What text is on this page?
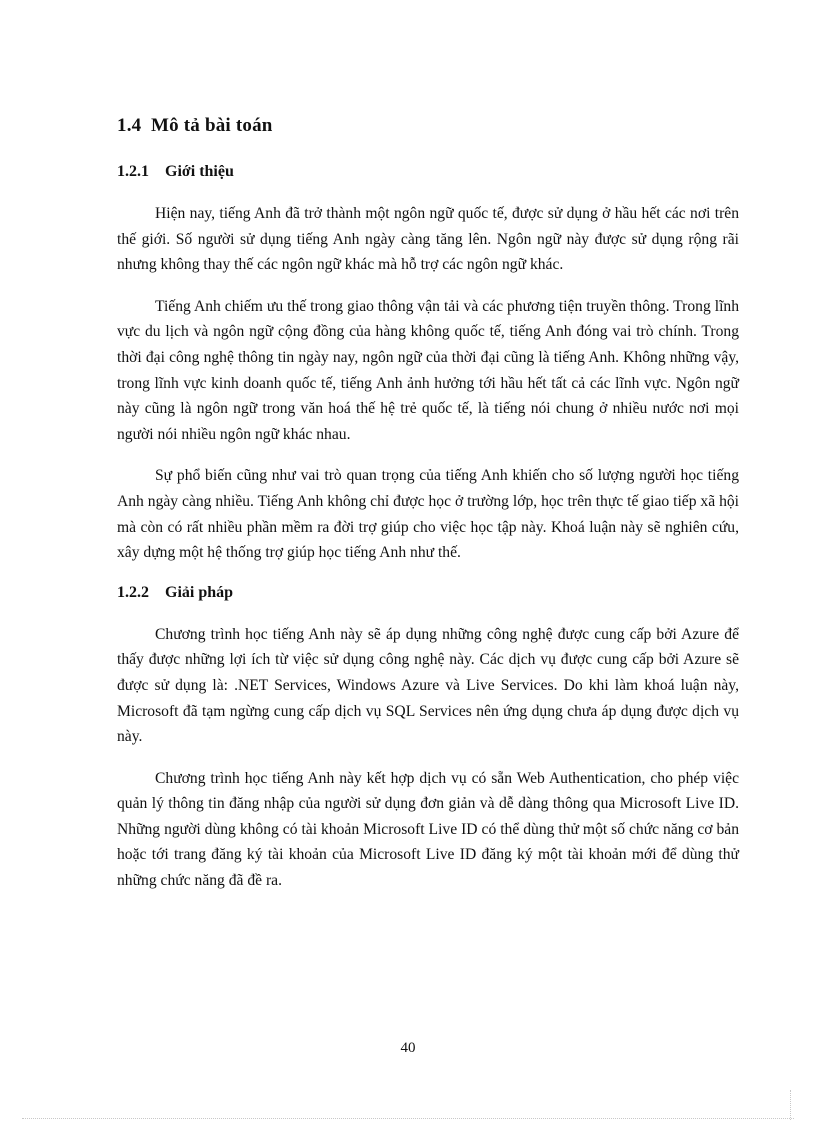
1.4 Mô tả bài toán
1.2.1 Giới thiệu

Hiện nay, tiếng Anh đã trở thành một ngôn ngữ quốc tế, được sử dụng ở hầu hết các nơi trên thế giới. Số người sử dụng tiếng Anh ngày càng tăng lên. Ngôn ngữ này được sử dụng rộng rãi nhưng không thay thế các ngôn ngữ khác mà hỗ trợ các ngôn ngữ khác.

Tiếng Anh chiếm ưu thế trong giao thông vận tải và các phương tiện truyền thông. Trong lĩnh vực du lịch và ngôn ngữ cộng đồng của hàng không quốc tế, tiếng Anh đóng vai trò chính. Trong thời đại công nghệ thông tin ngày nay, ngôn ngữ của thời đại cũng là tiếng Anh. Không những vậy, trong lĩnh vực kinh doanh quốc tế, tiếng Anh ảnh hưởng tới hầu hết tất cả các lĩnh vực. Ngôn ngữ này cũng là ngôn ngữ trong văn hoá thế hệ trẻ quốc tế, là tiếng nói chung ở nhiều nước nơi mọi người nói nhiều ngôn ngữ khác nhau.

Sự phổ biến cũng như vai trò quan trọng của tiếng Anh khiến cho số lượng người học tiếng Anh ngày càng nhiều. Tiếng Anh không chỉ được học ở trường lớp, học trên thực tế giao tiếp xã hội mà còn có rất nhiều phần mềm ra đời trợ giúp cho việc học tập này. Khoá luận này sẽ nghiên cứu, xây dựng một hệ thống trợ giúp học tiếng Anh như thế.

1.2.2 Giải pháp

Chương trình học tiếng Anh này sẽ áp dụng những công nghệ được cung cấp bởi Azure để thấy được những lợi ích từ việc sử dụng công nghệ này. Các dịch vụ được cung cấp bởi Azure sẽ được sử dụng là: .NET Services, Windows Azure và Live Services. Do khi làm khoá luận này, Microsoft đã tạm ngừng cung cấp dịch vụ SQL Services nên ứng dụng chưa áp dụng được dịch vụ này.

Chương trình học tiếng Anh này kết hợp dịch vụ có sẵn Web Authentication, cho phép việc quản lý thông tin đăng nhập của người sử dụng đơn giản và dễ dàng thông qua Microsoft Live ID. Những người dùng không có tài khoản Microsoft Live ID có thể dùng thử một số chức năng cơ bản hoặc tới trang đăng ký tài khoản của Microsoft Live ID đăng ký một tài khoản mới để dùng thử những chức năng đã đề ra.

40
